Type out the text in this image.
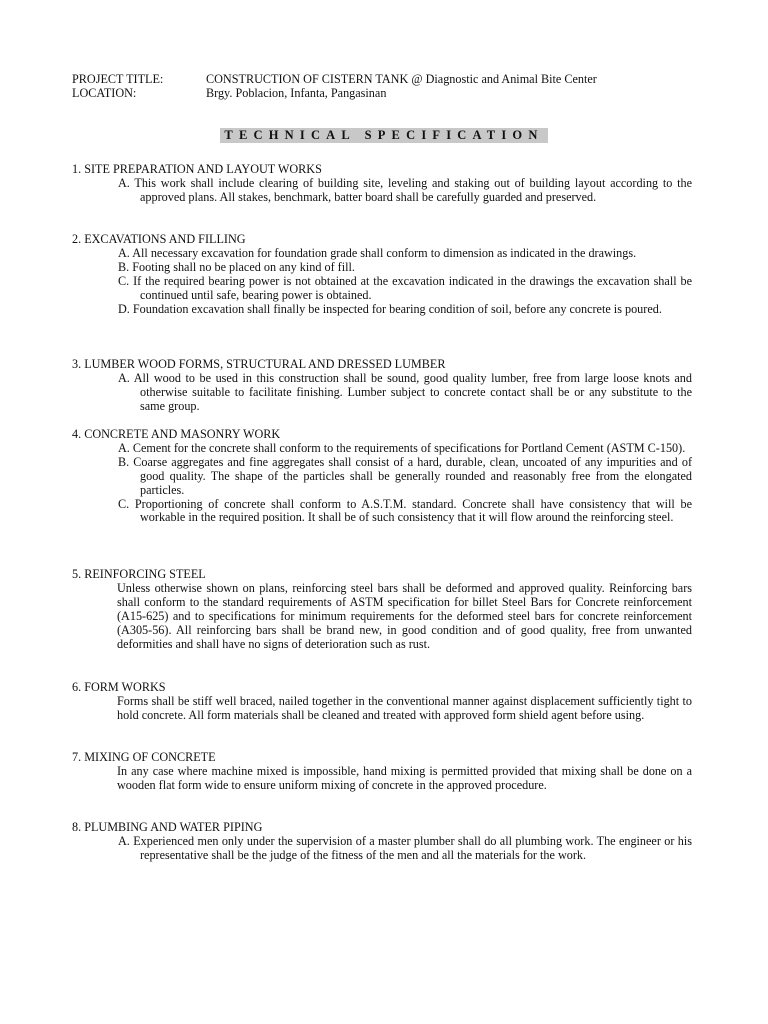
PROJECT TITLE:	CONSTRUCTION OF CISTERN TANK @ Diagnostic and Animal Bite Center
LOCATION:	Brgy. Poblacion, Infanta, Pangasinan
TECHNICAL SPECIFICATION
1. SITE PREPARATION AND LAYOUT WORKS
A. This work shall include clearing of building site, leveling and staking out of building layout according to the approved plans. All stakes, benchmark, batter board shall be carefully guarded and preserved.
2. EXCAVATIONS AND FILLING
A. All necessary excavation for foundation grade shall conform to dimension as indicated in the drawings.
B. Footing shall no be placed on any kind of fill.
C. If the required bearing power is not obtained at the excavation indicated in the drawings the excavation shall be continued until safe, bearing power is obtained.
D. Foundation excavation shall finally be inspected for bearing condition of soil, before any concrete is poured.
3. LUMBER WOOD FORMS, STRUCTURAL AND DRESSED LUMBER
A. All wood to be used in this construction shall be sound, good quality lumber, free from large loose knots and otherwise suitable to facilitate finishing. Lumber subject to concrete contact shall be or any substitute to the same group.
4. CONCRETE AND MASONRY WORK
A. Cement for the concrete shall conform to the requirements of specifications for Portland Cement (ASTM C-150).
B. Coarse aggregates and fine aggregates shall consist of a hard, durable, clean, uncoated of any impurities and of good quality. The shape of the particles shall be generally rounded and reasonably free from the elongated particles.
C. Proportioning of concrete shall conform to A.S.T.M. standard. Concrete shall have consistency that will be workable in the required position. It shall be of such consistency that it will flow around the reinforcing steel.
5. REINFORCING STEEL
Unless otherwise shown on plans, reinforcing steel bars shall be deformed and approved quality. Reinforcing bars shall conform to the standard requirements of ASTM specification for billet Steel Bars for Concrete reinforcement (A15-625) and to specifications for minimum requirements for the deformed steel bars for concrete reinforcement (A305-56). All reinforcing bars shall be brand new, in good condition and of good quality, free from unwanted deformities and shall have no signs of deterioration such as rust.
6. FORM WORKS
Forms shall be stiff well braced, nailed together in the conventional manner against displacement sufficiently tight to hold concrete. All form materials shall be cleaned and treated with approved form shield agent before using.
7. MIXING OF CONCRETE
In any case where machine mixed is impossible, hand mixing is permitted provided that mixing shall be done on a wooden flat form wide to ensure uniform mixing of concrete in the approved procedure.
8. PLUMBING AND WATER PIPING
A. Experienced men only under the supervision of a master plumber shall do all plumbing work. The engineer or his representative shall be the judge of the fitness of the men and all the materials for the work.
